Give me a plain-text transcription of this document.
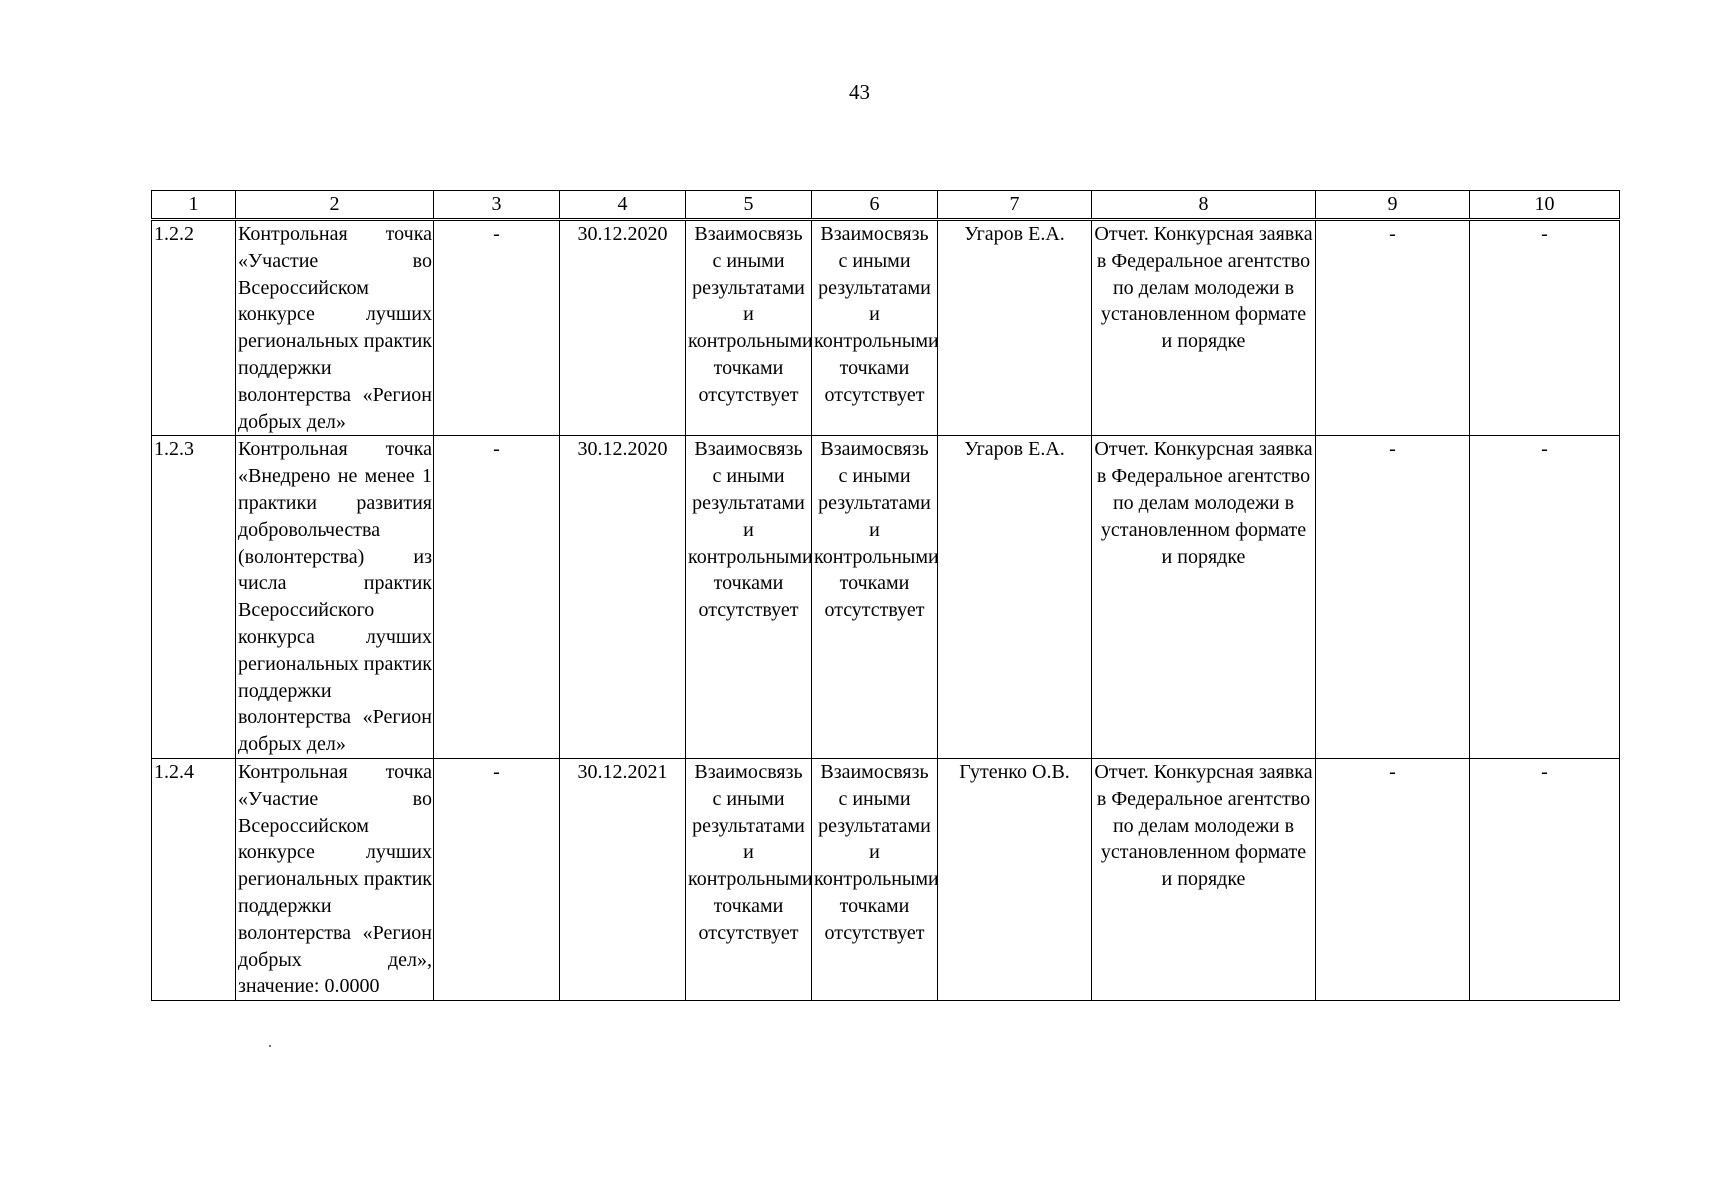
43
1	2	3	4	5	6	7	8	9	10
1.2.2	Контрольная точка «Участие во Всероссийском конкурсе лучших региональных практик поддержки волонтерства «Регион добрых дел»	-	30.12.2020	Взаимосвязь с иными результатами и контрольными точками отсутствует	Взаимосвязь с иными результатами и контрольными точками отсутствует	Угаров Е.А.	Отчет. Конкурсная заявка в Федеральное агентство по делам молодежи в установленном формате и порядке	-	-
1.2.3	Контрольная точка «Внедрено не менее 1 практики развития добровольчества (волонтерства) из числа практик Всероссийского конкурса лучших региональных практик поддержки волонтерства «Регион добрых дел»	-	30.12.2020	Взаимосвязь с иными результатами и контрольными точками отсутствует	Взаимосвязь с иными результатами и контрольными точками отсутствует	Угаров Е.А.	Отчет. Конкурсная заявка в Федеральное агентство по делам молодежи в установленном формате и порядке	-	-
1.2.4	Контрольная точка «Участие во Всероссийском конкурсе лучших региональных практик поддержки волонтерства «Регион добрых дел», значение: 0.0000	-	30.12.2021	Взаимосвязь с иными результатами и контрольными точками отсутствует	Взаимосвязь с иными результатами и контрольными точками отсутствует	Гутенко О.В.	Отчет. Конкурсная заявка в Федеральное агентство по делам молодежи в установленном формате и порядке	-	-
